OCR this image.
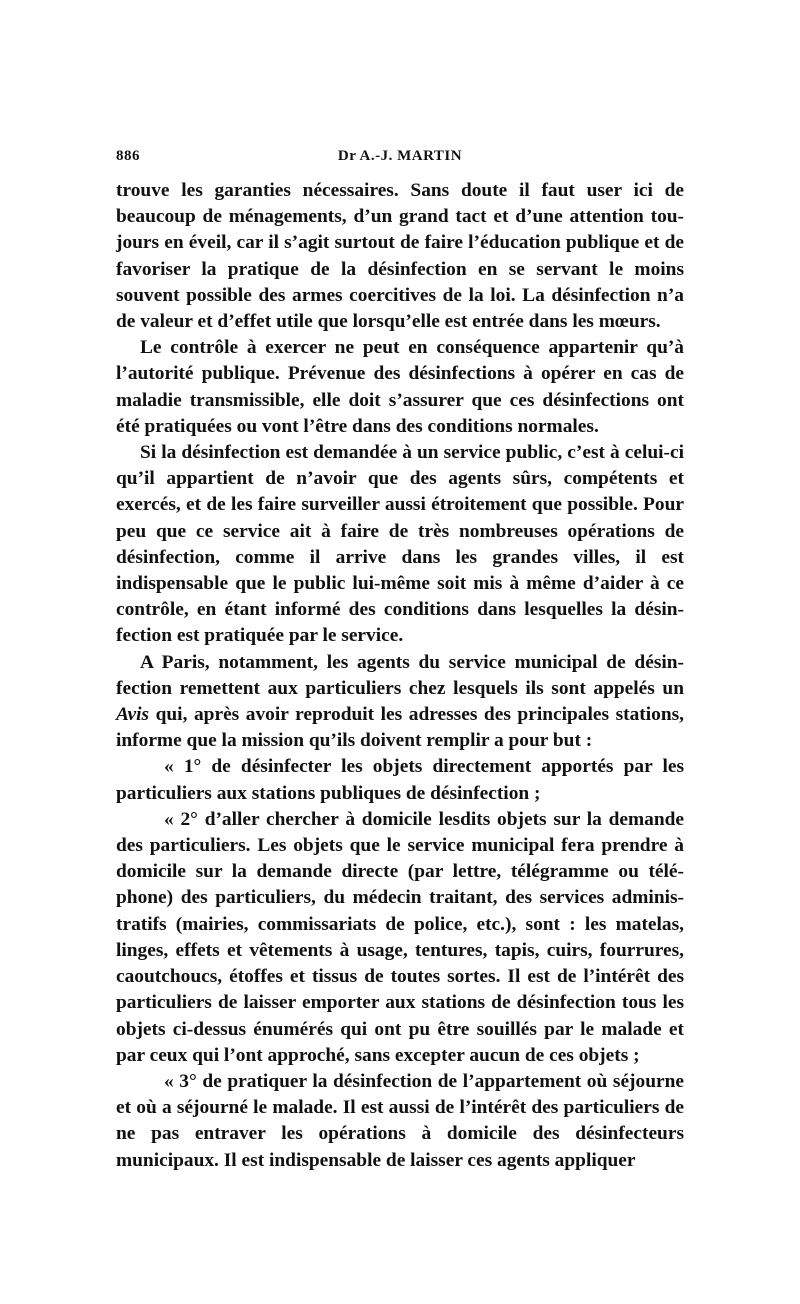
886	Dr A.-J. MARTIN

trouve les garanties nécessaires. Sans doute il faut user ici de beaucoup de ménagements, d’un grand tact et d’une attention tou-jours en éveil, car il s’agit surtout de faire l’éducation publique et de favoriser la pratique de la désinfection en se servant le moins souvent possible des armes coercitives de la loi. La désinfection n’a de valeur et d’effet utile que lorsqu’elle est entrée dans les mœurs.

Le contrôle à exercer ne peut en conséquence appartenir qu’à l’autorité publique. Prévenue des désinfections à opérer en cas de maladie transmissible, elle doit s’assurer que ces désinfections ont été pratiquées ou vont l’être dans des conditions normales.

Si la désinfection est demandée à un service public, c’est à celui-ci qu’il appartient de n’avoir que des agents sûrs, compétents et exercés, et de les faire surveiller aussi étroitement que possible. Pour peu que ce service ait à faire de très nombreuses opérations de désinfection, comme il arrive dans les grandes villes, il est indispensable que le public lui-même soit mis à même d’aider à ce contrôle, en étant informé des conditions dans lesquelles la désin-fection est pratiquée par le service.

A Paris, notamment, les agents du service municipal de désin-fection remettent aux particuliers chez lesquels ils sont appelés un Avis qui, après avoir reproduit les adresses des principales stations, informe que la mission qu’ils doivent remplir a pour but :

« 1° de désinfecter les objets directement apportés par les particuliers aux stations publiques de désinfection ;

« 2° d’aller chercher à domicile lesdits objets sur la demande des particuliers. Les objets que le service municipal fera prendre à domicile sur la demande directe (par lettre, télégramme ou télé-phone) des particuliers, du médecin traitant, des services adminis-tratifs (mairies, commissariats de police, etc.), sont : les matelas, linges, effets et vêtements à usage, tentures, tapis, cuirs, fourrures, caoutchoucs, étoffes et tissus de toutes sortes. Il est de l’intérêt des particuliers de laisser emporter aux stations de désinfection tous les objets ci-dessus énumérés qui ont pu être souillés par le malade et par ceux qui l’ont approché, sans excepter aucun de ces objets ;

« 3° de pratiquer la désinfection de l’appartement où séjourne et où a séjourné le malade. Il est aussi de l’intérêt des particuliers de ne pas entraver les opérations à domicile des désinfecteurs municipaux. Il est indispensable de laisser ces agents appliquer
